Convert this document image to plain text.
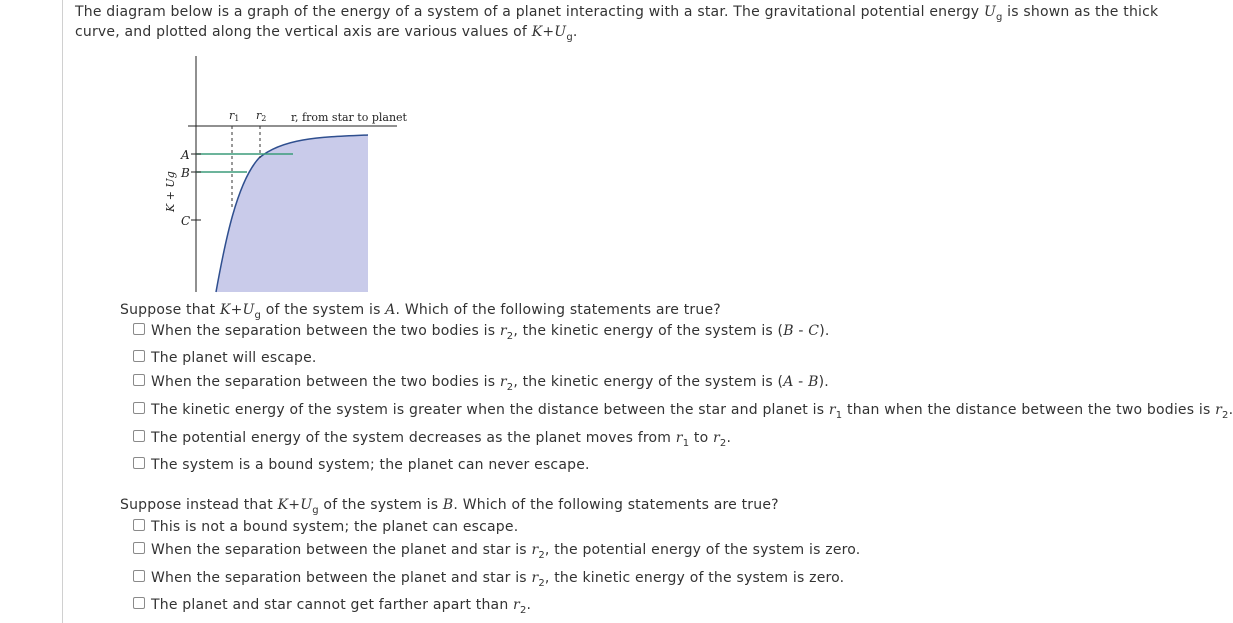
The diagram below is a graph of the energy of a system of a planet interacting with a star. The gravitational potential energy $U_g$ is shown as the thick curve, and plotted along the vertical axis are various values of $K+U_g$.
A
B
C
r1 r2 r, from star to planet
K + Ug
Suppose that $K+U_g$ of the system is A. Which of the following statements are true?
When the separation between the two bodies is $r_2$, the kinetic energy of the system is (B - C).
The planet will escape.
When the separation between the two bodies is $r_2$, the kinetic energy of the system is (A - B).
The kinetic energy of the system is greater when the distance between the star and planet is $r_1$ than when the distance between the two bodies is $r_2$.
The potential energy of the system decreases as the planet moves from $r_1$ to $r_2$.
The system is a bound system; the planet can never escape.
Suppose instead that $K+U_g$ of the system is B. Which of the following statements are true?
This is not a bound system; the planet can escape.
When the separation between the planet and star is $r_2$, the potential energy of the system is zero.
When the separation between the planet and star is $r_2$, the kinetic energy of the system is zero.
The planet and star cannot get farther apart than $r_2$.
